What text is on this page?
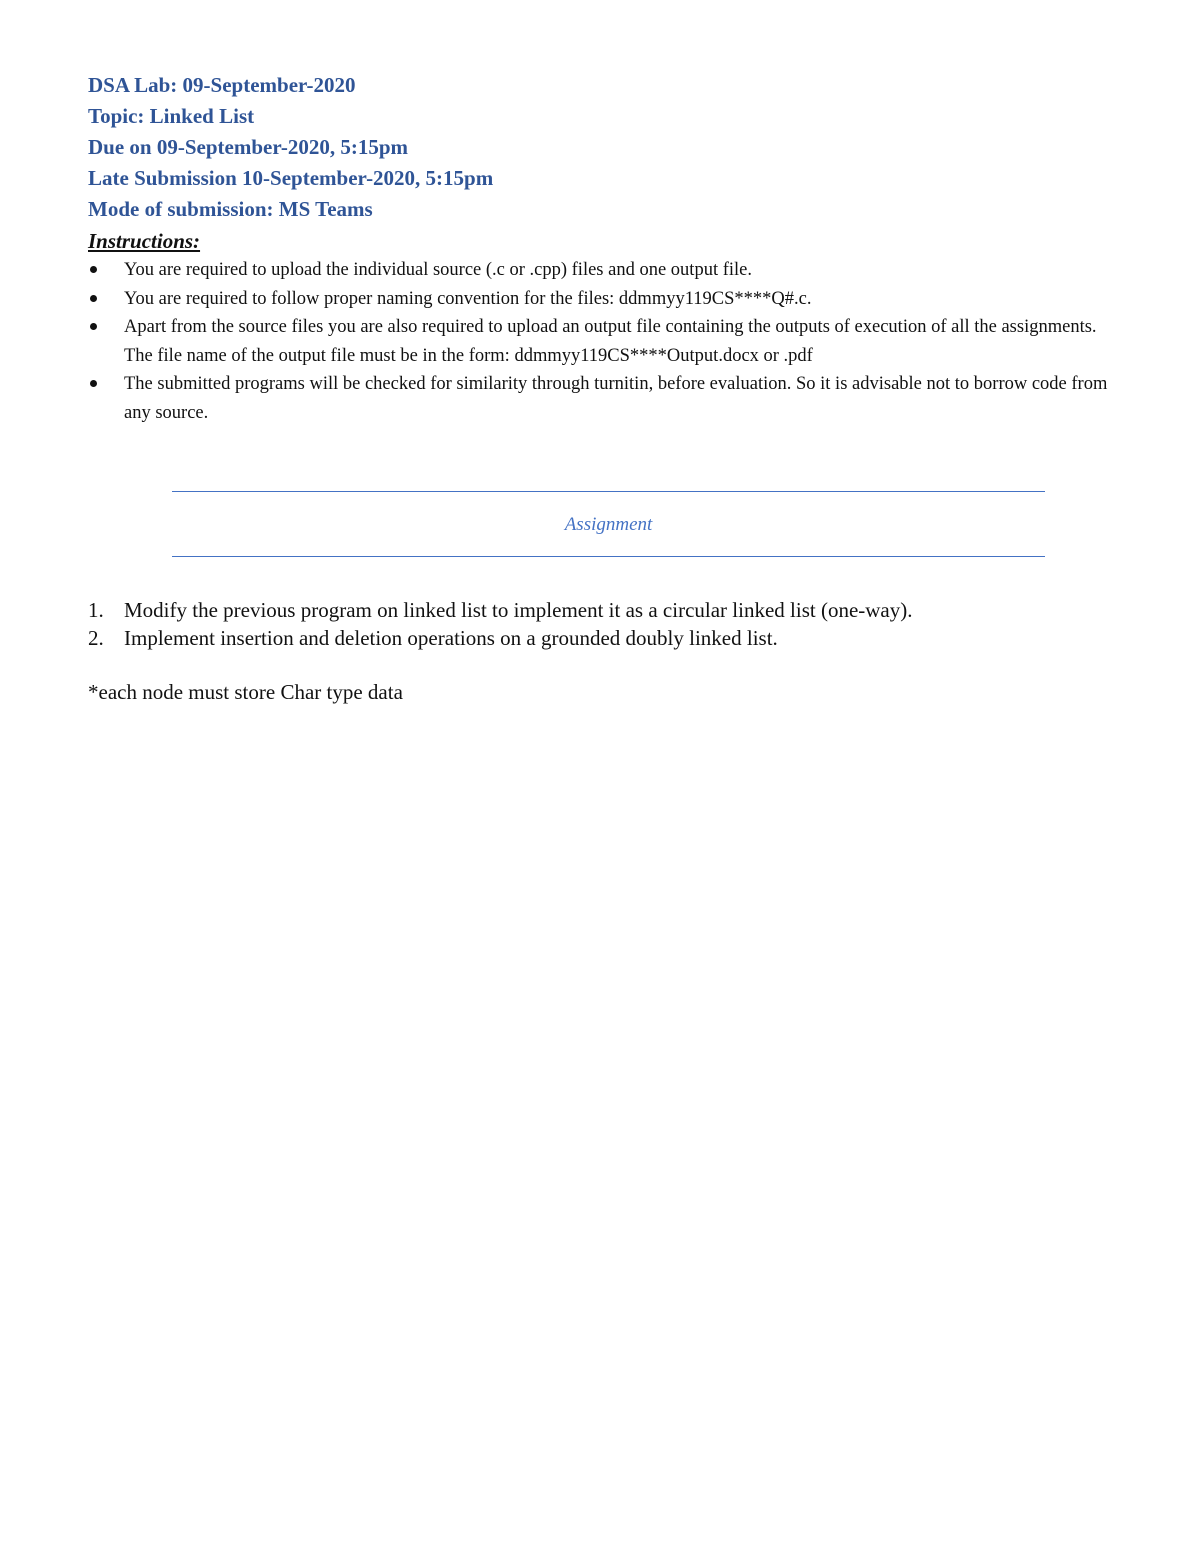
DSA Lab: 09-September-2020
Topic: Linked List
Due on 09-September-2020, 5:15pm
Late Submission 10-September-2020, 5:15pm
Mode of submission: MS Teams
Instructions:
You are required to upload the individual source (.c or .cpp) files and one output file.
You are required to follow proper naming convention for the files: ddmmyy119CS****Q#.c.
Apart from the source files you are also required to upload an output file containing the outputs of execution of all the assignments. The file name of the output file must be in the form: ddmmyy119CS****Output.docx or .pdf
The submitted programs will be checked for similarity through turnitin, before evaluation. So it is advisable not to borrow code from any source.
Assignment
1. Modify the previous program on linked list to implement it as a circular linked list (one-way).
2. Implement insertion and deletion operations on a grounded doubly linked list.
*each node must store Char type data
